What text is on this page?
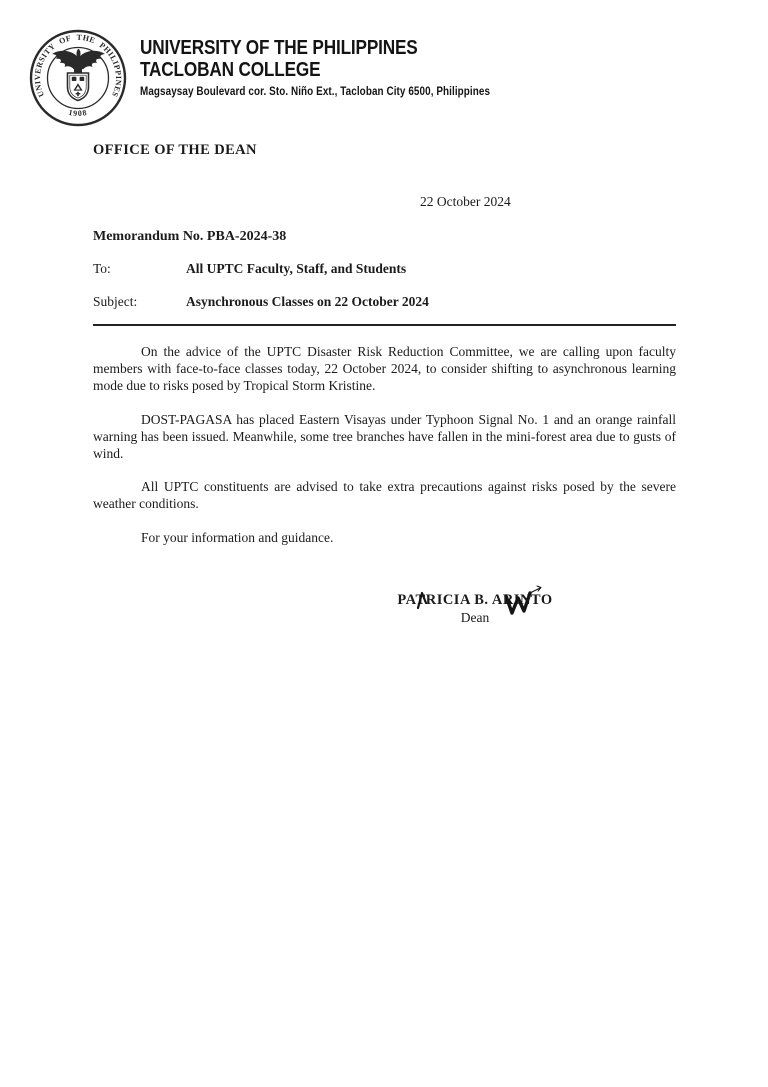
UNIVERSITY OF THE PHILIPPINES
1908
UNIVERSITY OF THE PHILIPPINES
TACLOBAN COLLEGE
Magsaysay Boulevard cor. Sto. Niño Ext., Tacloban City 6500, Philippines
OFFICE OF THE DEAN
22 October 2024
Memorandum No. PBA-2024-38
To:	All UPTC Faculty, Staff, and Students
Subject:	Asynchronous Classes on 22 October 2024

On the advice of the UPTC Disaster Risk Reduction Committee, we are calling upon faculty members with face-to-face classes today, 22 October 2024, to consider shifting to asynchronous learning mode due to risks posed by Tropical Storm Kristine.

DOST-PAGASA has placed Eastern Visayas under Typhoon Signal No. 1 and an orange rainfall warning has been issued. Meanwhile, some tree branches have fallen in the mini-forest area due to gusts of wind.

All UPTC constituents are advised to take extra precautions against risks posed by the severe weather conditions.

For your information and guidance.

PATRICIA B. ARINTO
Dean
